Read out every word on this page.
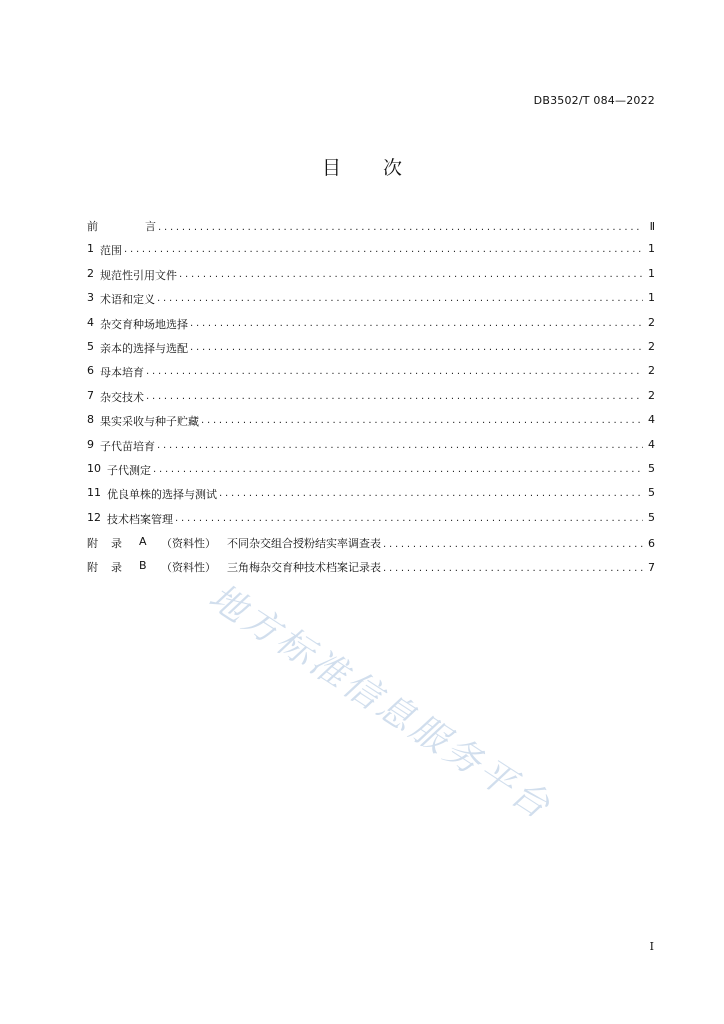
DB3502/T 084—2022
目 次
前	言 .....	Ⅱ
1 范围 .....	1
2 规范性引用文件 .....	1
3 术语和定义 .....	1
4 杂交育种场地选择 .....	2
5 亲本的选择与选配 .....	2
6 母本培育 .....	2
7 杂交技术 .....	2
8 果实采收与种子贮藏 .....	4
9 子代苗培育 .....	4
10 子代测定 .....	5
11 优良单株的选择与测试 .....	5
12 技术档案管理 .....	5
附	录	A	（资料性）	不同杂交组合授粉结实率调查表 .....	6
附	录	B	（资料性）	三角梅杂交育种技术档案记录表 .....	7
地方标准信息服务平台
I
